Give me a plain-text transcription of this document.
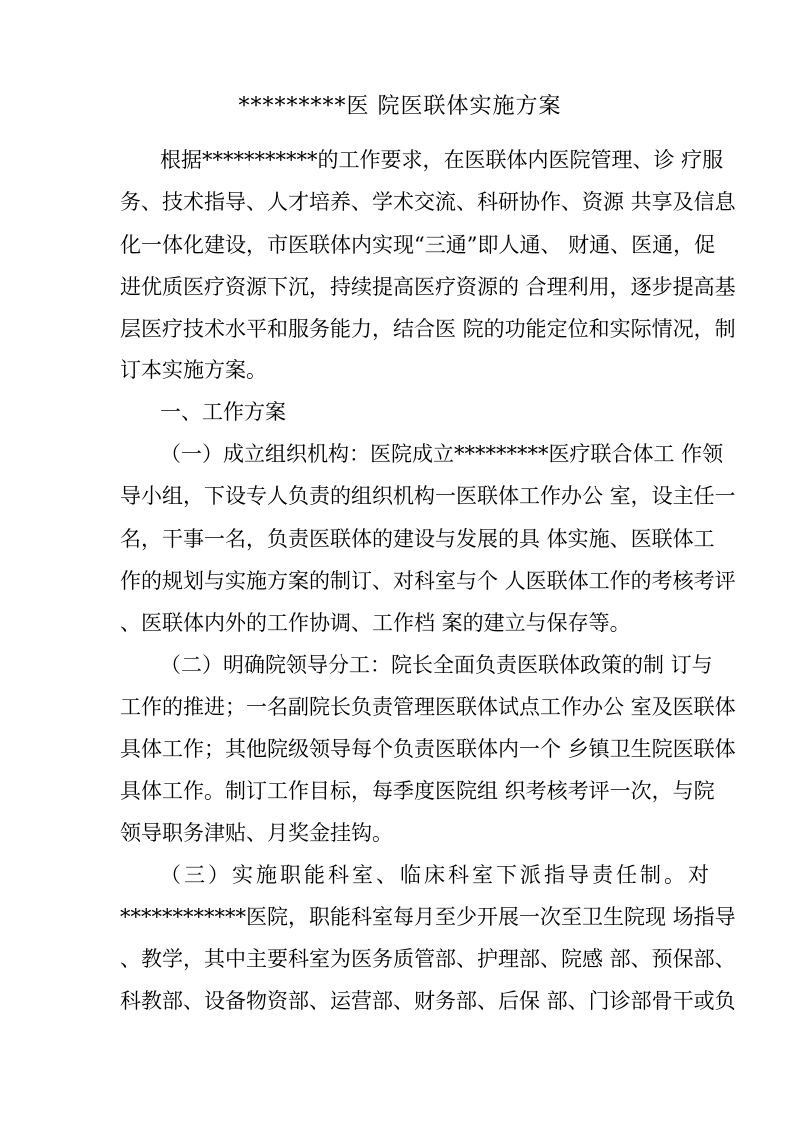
*********医 院医联体实施方案
根据***********的工作要求，在医联体内医院管理、诊 疗服
务、技术指导、人才培养、学术交流、科研协作、资源 共享及信息
化一体化建设，市医联体内实现“三通”即人通、 财通、医通，促
进优质医疗资源下沉，持续提高医疗资源的 合理利用，逐步提高基
层医疗技术水平和服务能力，结合医 院的功能定位和实际情况，制
订本实施方案。
一、工作方案
（一）成立组织机构：医院成立*********医疗联合体工 作领
导小组，下设专人负责的组织机构一医联体工作办公 室，设主任一
名，干事一名，负责医联体的建设与发展的具 体实施、医联体工
作的规划与实施方案的制订、对科室与个 人医联体工作的考核考评
、医联体内外的工作协调、工作档 案的建立与保存等。
（二）明确院领导分工：院长全面负责医联体政策的制 订与
工作的推进；一名副院长负责管理医联体试点工作办公 室及医联体
具体工作；其他院级领导每个负责医联体内一个 乡镇卫生院医联体
具体工作。制订工作目标，每季度医院组 织考核考评一次，与院
领导职务津贴、月奖金挂钩。
（三）实施职能科室、临床科室下派指导责任制。对
************医院，职能科室每月至少开展一次至卫生院现 场指导
、教学，其中主要科室为医务质管部、护理部、院感 部、预保部、
科教部、设备物资部、运营部、财务部、后保 部、门诊部骨干或负
